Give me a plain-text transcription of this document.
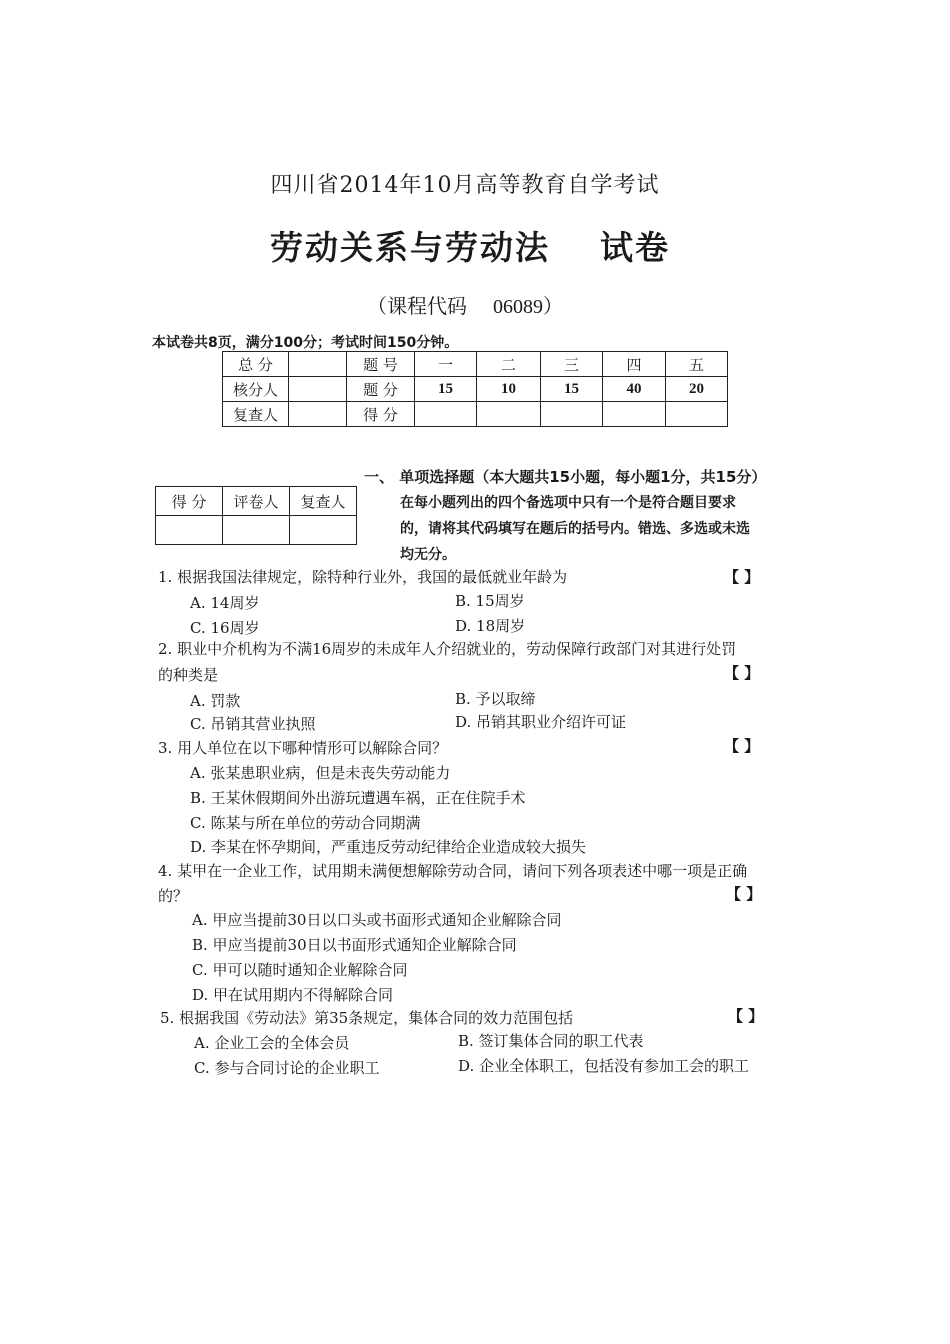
四川省2014年10月高等教育自学考试
劳动关系与劳动法 试卷
（课程代码 06089）
本试卷共8页，满分100分；考试时间150分钟。
总 分		题 号	一	二	三	四	五
核分人		题 分	15	10	15	40	20
复查人		得 分					
得 分	评卷人	复查人

一、 单项选择题（本大题共15小题，每小题1分，共15分）
在每小题列出的四个备选项中只有一个是符合题目要求
的，请将其代码填写在题后的括号内。错选、多选或未选
均无分。
1. 根据我国法律规定，除特种行业外，我国的最低就业年龄为	【 】
A. 14周岁	B. 15周岁
C. 16周岁	D. 18周岁
2. 职业中介机构为不满16周岁的未成年人介绍就业的，劳动保障行政部门对其进行处罚
【 】
的种类是
A. 罚款	B. 予以取缔
C. 吊销其营业执照	D. 吊销其职业介绍许可证
3. 用人单位在以下哪种情形可以解除合同？	【 】
A. 张某患职业病，但是未丧失劳动能力
B. 王某休假期间外出游玩遭遇车祸，正在住院手术
C. 陈某与所在单位的劳动合同期满
D. 李某在怀孕期间，严重违反劳动纪律给企业造成较大损失
4. 某甲在一企业工作，试用期未满便想解除劳动合同，请问下列各项表述中哪一项是正确
的？	【 】
A. 甲应当提前30日以口头或书面形式通知企业解除合同
B. 甲应当提前30日以书面形式通知企业解除合同
C. 甲可以随时通知企业解除合同
D. 甲在试用期内不得解除合同
5. 根据我国《劳动法》第35条规定，集体合同的效力范围包括	【 】
A. 企业工会的全体会员	B. 签订集体合同的职工代表
C. 参与合同讨论的企业职工	D. 企业全体职工，包括没有参加工会的职工
